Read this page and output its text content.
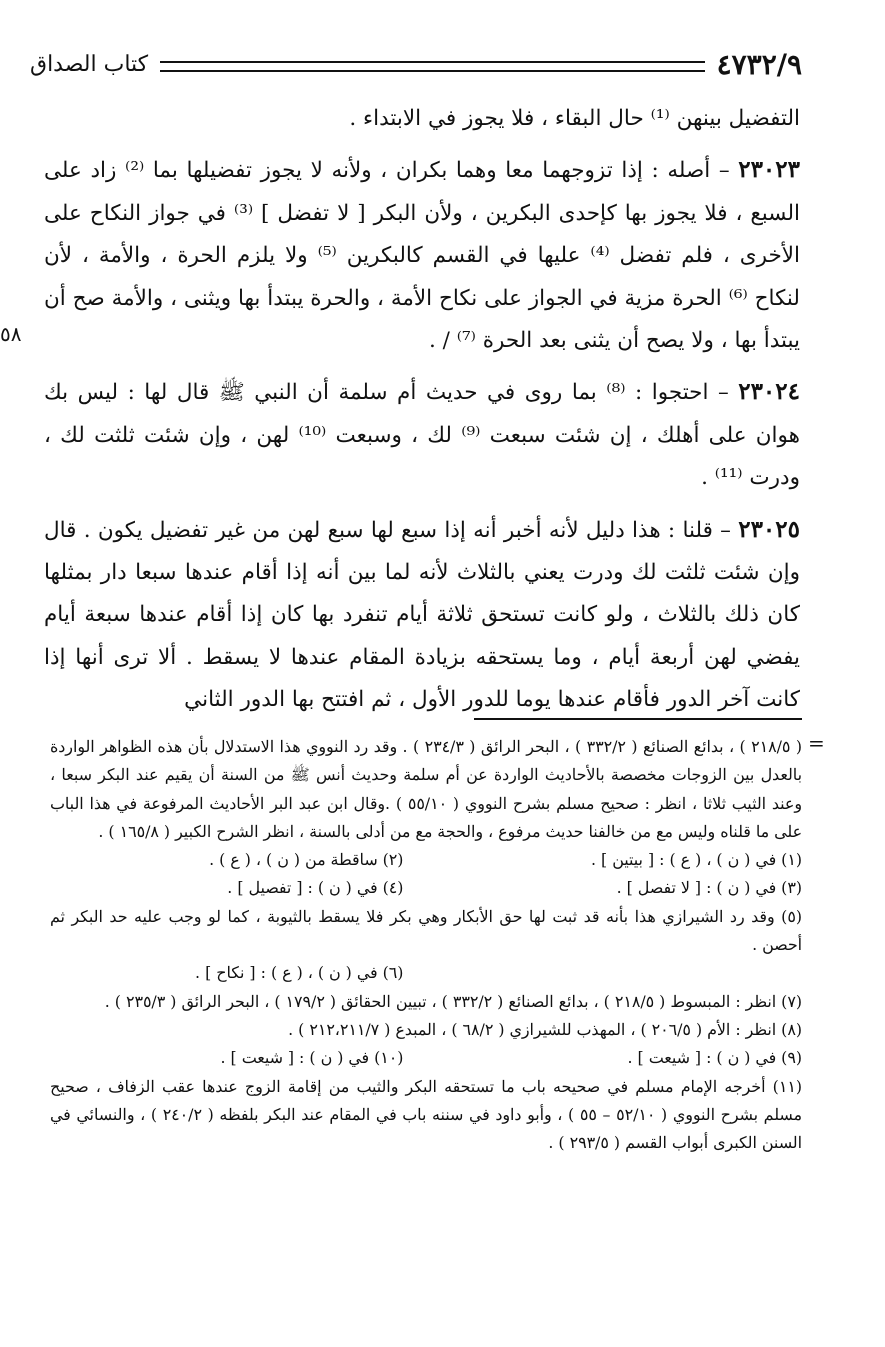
٤٧٣٢/٩
كتاب الصداق
٥٨

التفضيل بينهن ⁽¹⁾ حال البقاء ، فلا يجوز في الابتداء .

٢٣٠٢٣ – أصله : إذا تزوجهما معا وهما بكران ، ولأنه لا يجوز تفضيلها بما ⁽²⁾ زاد على السبع ، فلا يجوز بها كإحدى البكرين ، ولأن البكر [ لا تفضل ] ⁽³⁾ في جواز النكاح على الأخرى ، فلم تفضل ⁽⁴⁾ عليها في القسم كالبكرين ⁽⁵⁾ ولا يلزم الحرة ، والأمة ، لأن لنكاح ⁽⁶⁾ الحرة مزية في الجواز على نكاح الأمة ، والحرة يبتدأ بها ويثنى ، والأمة صح أن يبتدأ بها ، ولا يصح أن يثنى بعد الحرة ⁽⁷⁾ / .

٢٣٠٢٤ – احتجوا : ⁽⁸⁾ بما روى في حديث أم سلمة أن النبي ﷺ قال لها : ليس بك هوان على أهلك ، إن شئت سبعت ⁽⁹⁾ لك ، وسبعت ⁽¹⁰⁾ لهن ، وإن شئت ثلثت لك ، ودرت ⁽¹¹⁾ .

٢٣٠٢٥ – قلنا : هذا دليل لأنه أخبر أنه إذا سبع لها سبع لهن من غير تفضيل يكون . قال وإن شئت ثلثت لك ودرت يعني بالثلاث لأنه لما بين أنه إذا أقام عندها سبعا دار بمثلها كان ذلك بالثلاث ، ولو كانت تستحق ثلاثة أيام تنفرد بها كان إذا أقام عندها سبعة أيام يفضي لهن أربعة أيام ، وما يستحقه بزيادة المقام عندها لا يسقط . ألا ترى أنها إذا كانت آخر الدور فأقام عندها يوما للدور الأول ، ثم افتتح بها الدور الثاني

=

( ٢١٨/٥ ) ، بدائع الصنائع ( ٣٣٢/٢ ) ، البحر الرائق ( ٢٣٤/٣ ) . وقد رد النووي هذا الاستدلال بأن هذه الظواهر الواردة بالعدل بين الزوجات مخصصة بالأحاديث الواردة عن أم سلمة وحديث أنس ﷺ من السنة أن يقيم عند البكر سبعا ، وعند الثيب ثلاثا ، انظر : صحيح مسلم بشرح النووي ( ٥٥/١٠ ) .وقال ابن عبد البر الأحاديث المرفوعة في هذا الباب على ما قلناه وليس مع من خالفنا حديث مرفوع ، والحجة مع من أدلى بالسنة ، انظر الشرح الكبير ( ١٦٥/٨ ) .

(١) في ( ن ) ، ( ع ) : [ بيتين ] .
(٢) ساقطة من ( ن ) ، ( ع ) .
(٣) في ( ن ) : [ لا تفصل ] .
(٤) في ( ن ) : [ تفصيل ] .

(٥) وقد رد الشيرازي هذا بأنه قد ثبت لها حق الأبكار وهي بكر فلا يسقط بالثيوبة ، كما لو وجب عليه حد البكر ثم أحصن .

(٦) في ( ن ) ، ( ع ) : [ نكاح ] .

(٧) انظر : المبسوط ( ٢١٨/٥ ) ، بدائع الصنائع ( ٣٣٢/٢ ) ، تبيين الحقائق ( ١٧٩/٢ ) ، البحر الرائق ( ٢٣٥/٣ ) .

(٨) انظر : الأم ( ٢٠٦/٥ ) ، المهذب للشيرازي ( ٦٨/٢ ) ، المبدع ( ٢١٢،٢١١/٧ ) .

(٩) في ( ن ) : [ شيعت ] .
(١٠) في ( ن ) : [ شيعت ] .

(١١) أخرجه الإمام مسلم في صحيحه باب ما تستحقه البكر والثيب من إقامة الزوج عندها عقب الزفاف ، صحيح مسلم بشرح النووي ( ٥٢/١٠ – ٥٥ ) ، وأبو داود في سننه باب في المقام عند البكر بلفظه ( ٢٤٠/٢ ) ، والنسائي في السنن الكبرى أبواب القسم ( ٢٩٣/٥ ) .
